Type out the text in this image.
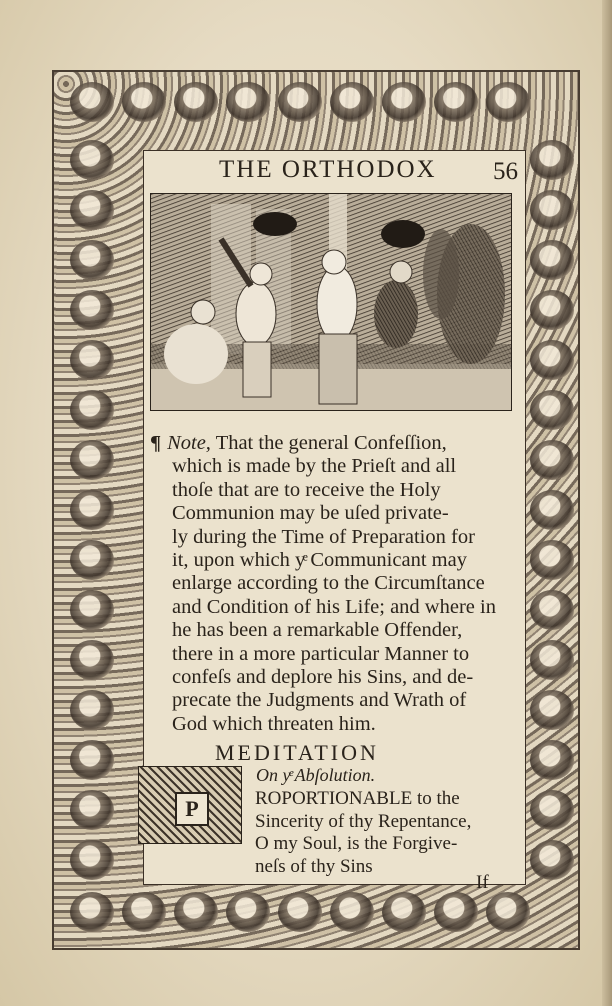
THE ORTHODOX 56
¶ Note, That the general Confeſſion,
which is made by the Prieſt and all
thoſe that are to receive the Holy
Communion may be uſed private-
ly during the Time of Preparation for
it, upon which yͤ Communicant may
enlarge according to the Circumſtance
and Condition of his Life; and where in
he has been a remarkable Offender,
there in a more particular Manner to
confeſs and deplore his Sins, and de-
precate the Judgments and Wrath of
God which threaten him.
MEDITATION
On yͤ Abſolution.
P	ROPORTIONABLE to the
Sincerity of thy Repentance,
O my Soul, is the Forgive-
neſs of thy Sins
If
